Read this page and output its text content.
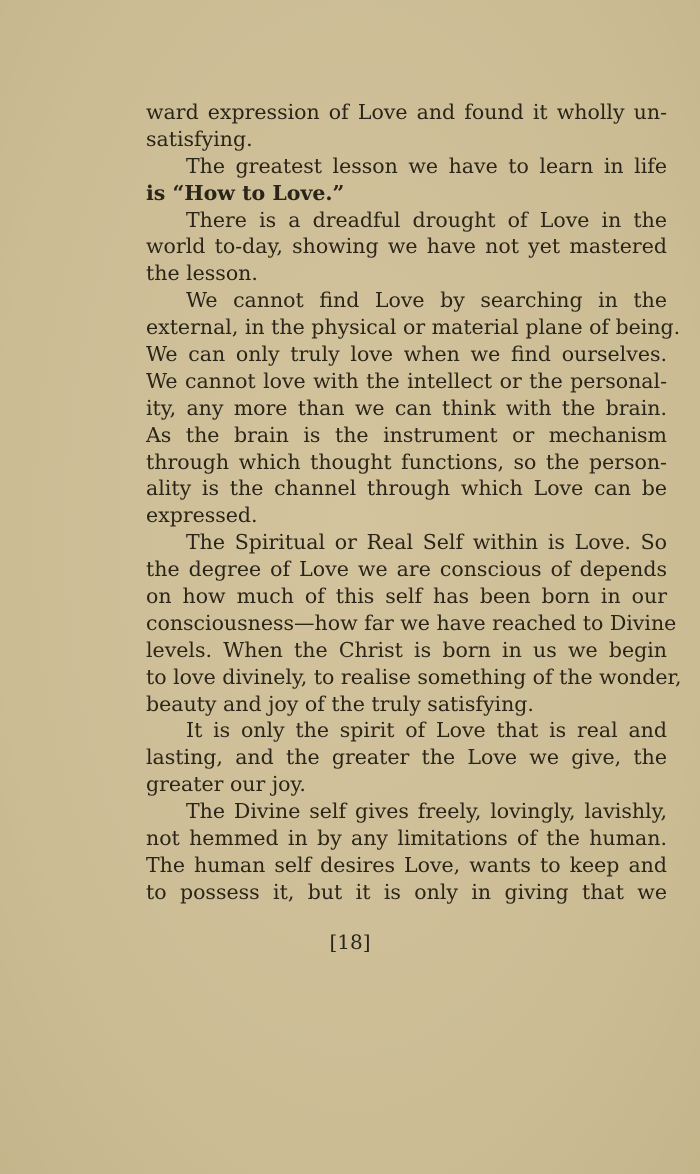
ward expression of Love and found it wholly un-
satisfying.
The greatest lesson we have to learn in life
is “How to Love.”
There is a dreadful drought of Love in the
world to-day, showing we have not yet mastered
the lesson.
We cannot find Love by searching in the
external, in the physical or material plane of being.
We can only truly love when we find ourselves.
We cannot love with the intellect or the personal-
ity, any more than we can think with the brain.
As the brain is the instrument or mechanism
through which thought functions, so the person-
ality is the channel through which Love can be
expressed.
The Spiritual or Real Self within is Love. So
the degree of Love we are conscious of depends
on how much of this self has been born in our
consciousness—how far we have reached to Divine
levels. When the Christ is born in us we begin
to love divinely, to realise something of the wonder,
beauty and joy of the truly satisfying.
It is only the spirit of Love that is real and
lasting, and the greater the Love we give, the
greater our joy.
The Divine self gives freely, lovingly, lavishly,
not hemmed in by any limitations of the human.
The human self desires Love, wants to keep and
to possess it, but it is only in giving that we
[18]
